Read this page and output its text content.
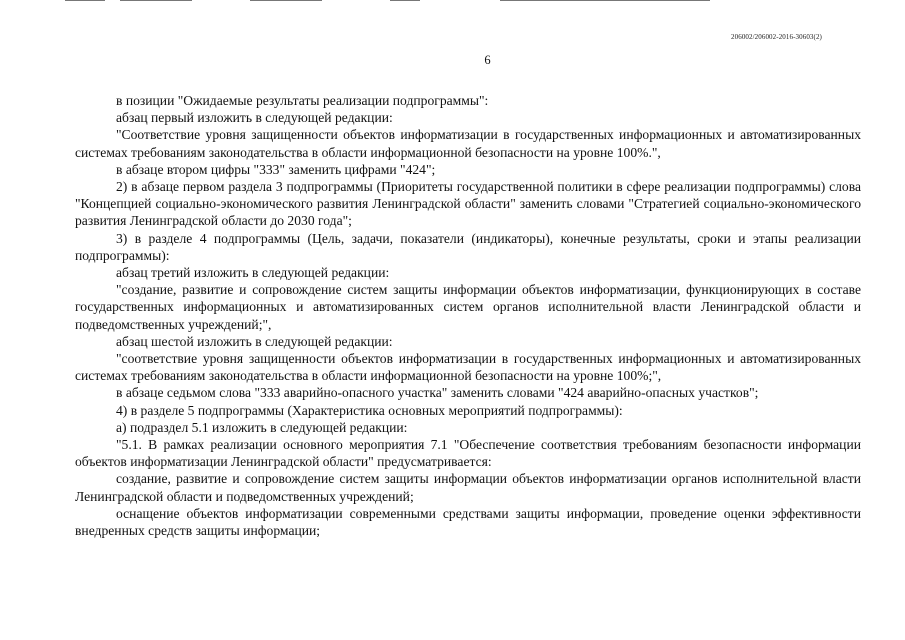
206002/206002-2016-30603(2)
6

в позиции "Ожидаемые результаты реализации подпрограммы":

абзац первый изложить в следующей редакции:

"Соответствие уровня защищенности объектов информатизации в государственных информационных и автоматизированных системах требованиям законодательства в области информационной безопасности на уровне 100%.",

в абзаце втором цифры "333" заменить цифрами "424";

2) в абзаце первом раздела 3 подпрограммы (Приоритеты государственной политики в сфере реализации подпрограммы) слова "Концепцией социально-экономического развития Ленинградской области" заменить словами "Стратегией социально-экономического развития Ленинградской области до 2030 года";

3) в разделе 4 подпрограммы (Цель, задачи, показатели (индикаторы), конечные результаты, сроки и этапы реализации подпрограммы):

абзац третий изложить в следующей редакции:

"создание, развитие и сопровождение систем защиты информации объектов информатизации, функционирующих в составе государственных информационных и автоматизированных систем органов исполнительной власти Ленинградской области и подведомственных учреждений;",

абзац шестой изложить в следующей редакции:

"соответствие уровня защищенности объектов информатизации в государственных информационных и автоматизированных системах требованиям законодательства в области информационной безопасности на уровне 100%;",

в абзаце седьмом слова "333 аварийно-опасного участка" заменить словами "424 аварийно-опасных участков";

4) в разделе 5 подпрограммы (Характеристика основных мероприятий подпрограммы):

а) подраздел 5.1 изложить в следующей редакции:

"5.1. В рамках реализации основного мероприятия 7.1 "Обеспечение соответствия требованиям безопасности информации объектов информатизации Ленинградской области" предусматривается:

создание, развитие и сопровождение систем защиты информации объектов информатизации органов исполнительной власти Ленинградской области и подведомственных учреждений;

оснащение объектов информатизации современными средствами защиты информации, проведение оценки эффективности внедренных средств защиты информации;
